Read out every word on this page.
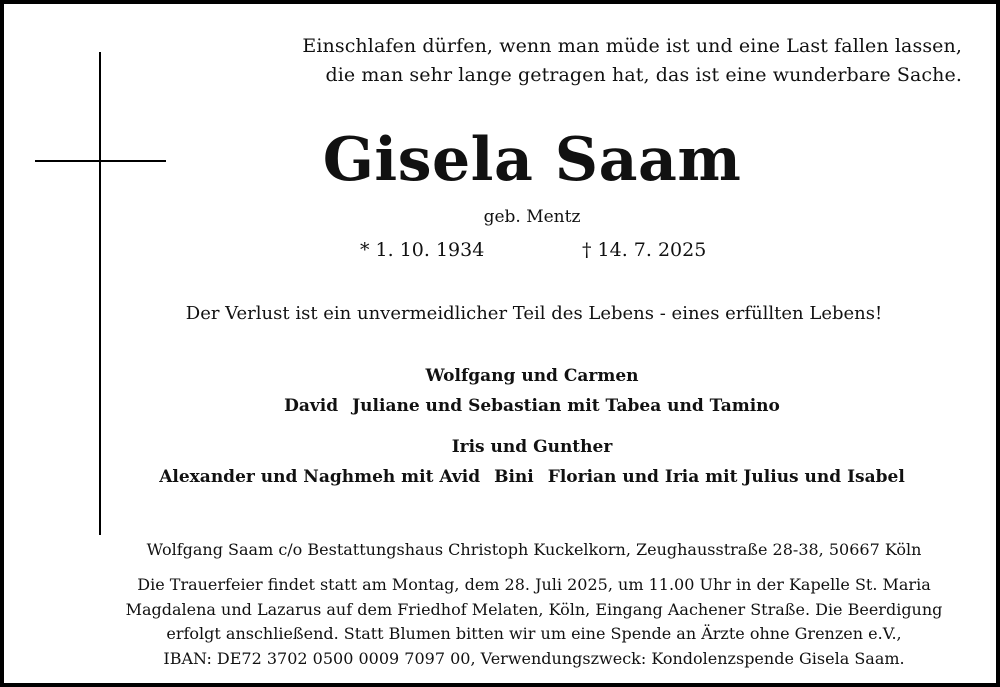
Einschlafen dürfen, wenn man müde ist und eine Last fallen lassen,
die man sehr lange getragen hat, das ist eine wunderbare Sache.
Gisela Saam
geb. Mentz
* 1. 10. 1934	† 14. 7. 2025
Der Verlust ist ein unvermeidlicher Teil des Lebens - eines erfüllten Lebens!
Wolfgang und Carmen
David Juliane und Sebastian mit Tabea und Tamino
Iris und Gunther
Alexander und Naghmeh mit Avid Bini Florian und Iria mit Julius und Isabel
Wolfgang Saam c/o Bestattungshaus Christoph Kuckelkorn, Zeughausstraße 28-38, 50667 Köln
Die Trauerfeier findet statt am Montag, dem 28. Juli 2025, um 11.00 Uhr in der Kapelle St. Maria
Magdalena und Lazarus auf dem Friedhof Melaten, Köln, Eingang Aachener Straße. Die Beerdigung
erfolgt anschließend. Statt Blumen bitten wir um eine Spende an Ärzte ohne Grenzen e.V.,
IBAN: DE72 3702 0500 0009 7097 00, Verwendungszweck: Kondolenzspende Gisela Saam.
